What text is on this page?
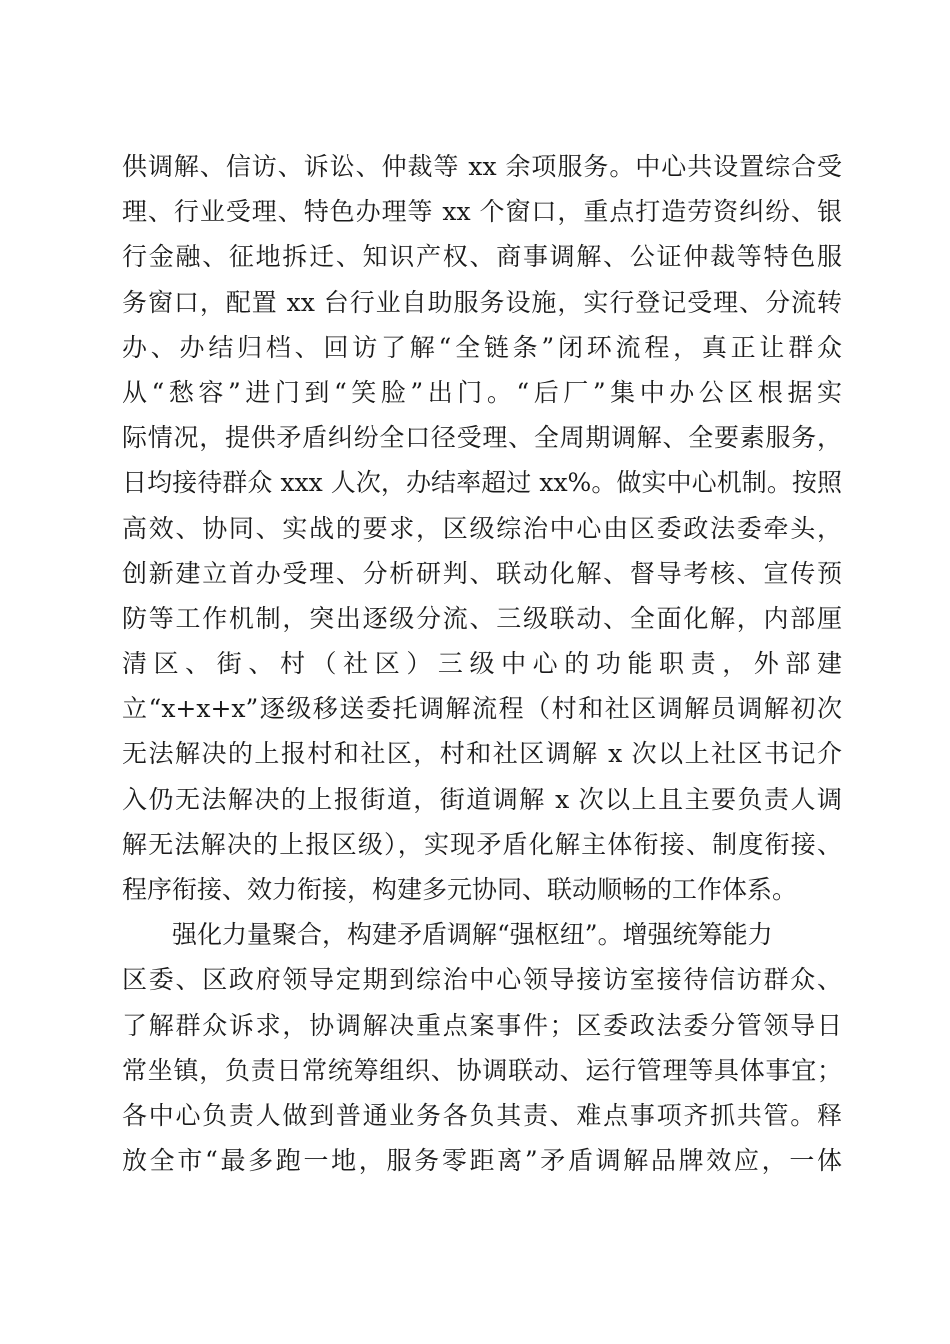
供调解、信访、诉讼、仲裁等 xx 余项服务。中心共设置综合受
理、行业受理、特色办理等 xx 个窗口，重点打造劳资纠纷、银
行金融、征地拆迁、知识产权、商事调解、公证仲裁等特色服
务窗口，配置 xx 台行业自助服务设施，实行登记受理、分流转
办、办结归档、回访了解“全链条”闭环流程，真正让群众
从“愁容”进门到“笑脸”出门。“后厂”集中办公区根据实
际情况，提供矛盾纠纷全口径受理、全周期调解、全要素服务，
日均接待群众 xxx 人次，办结率超过 xx%。做实中心机制。按照
高效、协同、实战的要求，区级综治中心由区委政法委牵头，
创新建立首办受理、分析研判、联动化解、督导考核、宣传预
防等工作机制，突出逐级分流、三级联动、全面化解，内部厘
清区、街、村（社区）三级中心的功能职责，外部建
立“x+x+x”逐级移送委托调解流程（村和社区调解员调解初次
无法解决的上报村和社区，村和社区调解 x 次以上社区书记介
入仍无法解决的上报街道，街道调解 x 次以上且主要负责人调
解无法解决的上报区级），实现矛盾化解主体衔接、制度衔接、
程序衔接、效力衔接，构建多元协同、联动顺畅的工作体系。
强化力量聚合，构建矛盾调解“强枢纽”。增强统筹能力
区委、区政府领导定期到综治中心领导接访室接待信访群众、
了解群众诉求，协调解决重点案事件；区委政法委分管领导日
常坐镇，负责日常统筹组织、协调联动、运行管理等具体事宜；
各中心负责人做到普通业务各负其责、难点事项齐抓共管。释
放全市“最多跑一地，服务零距离”矛盾调解品牌效应，一体
